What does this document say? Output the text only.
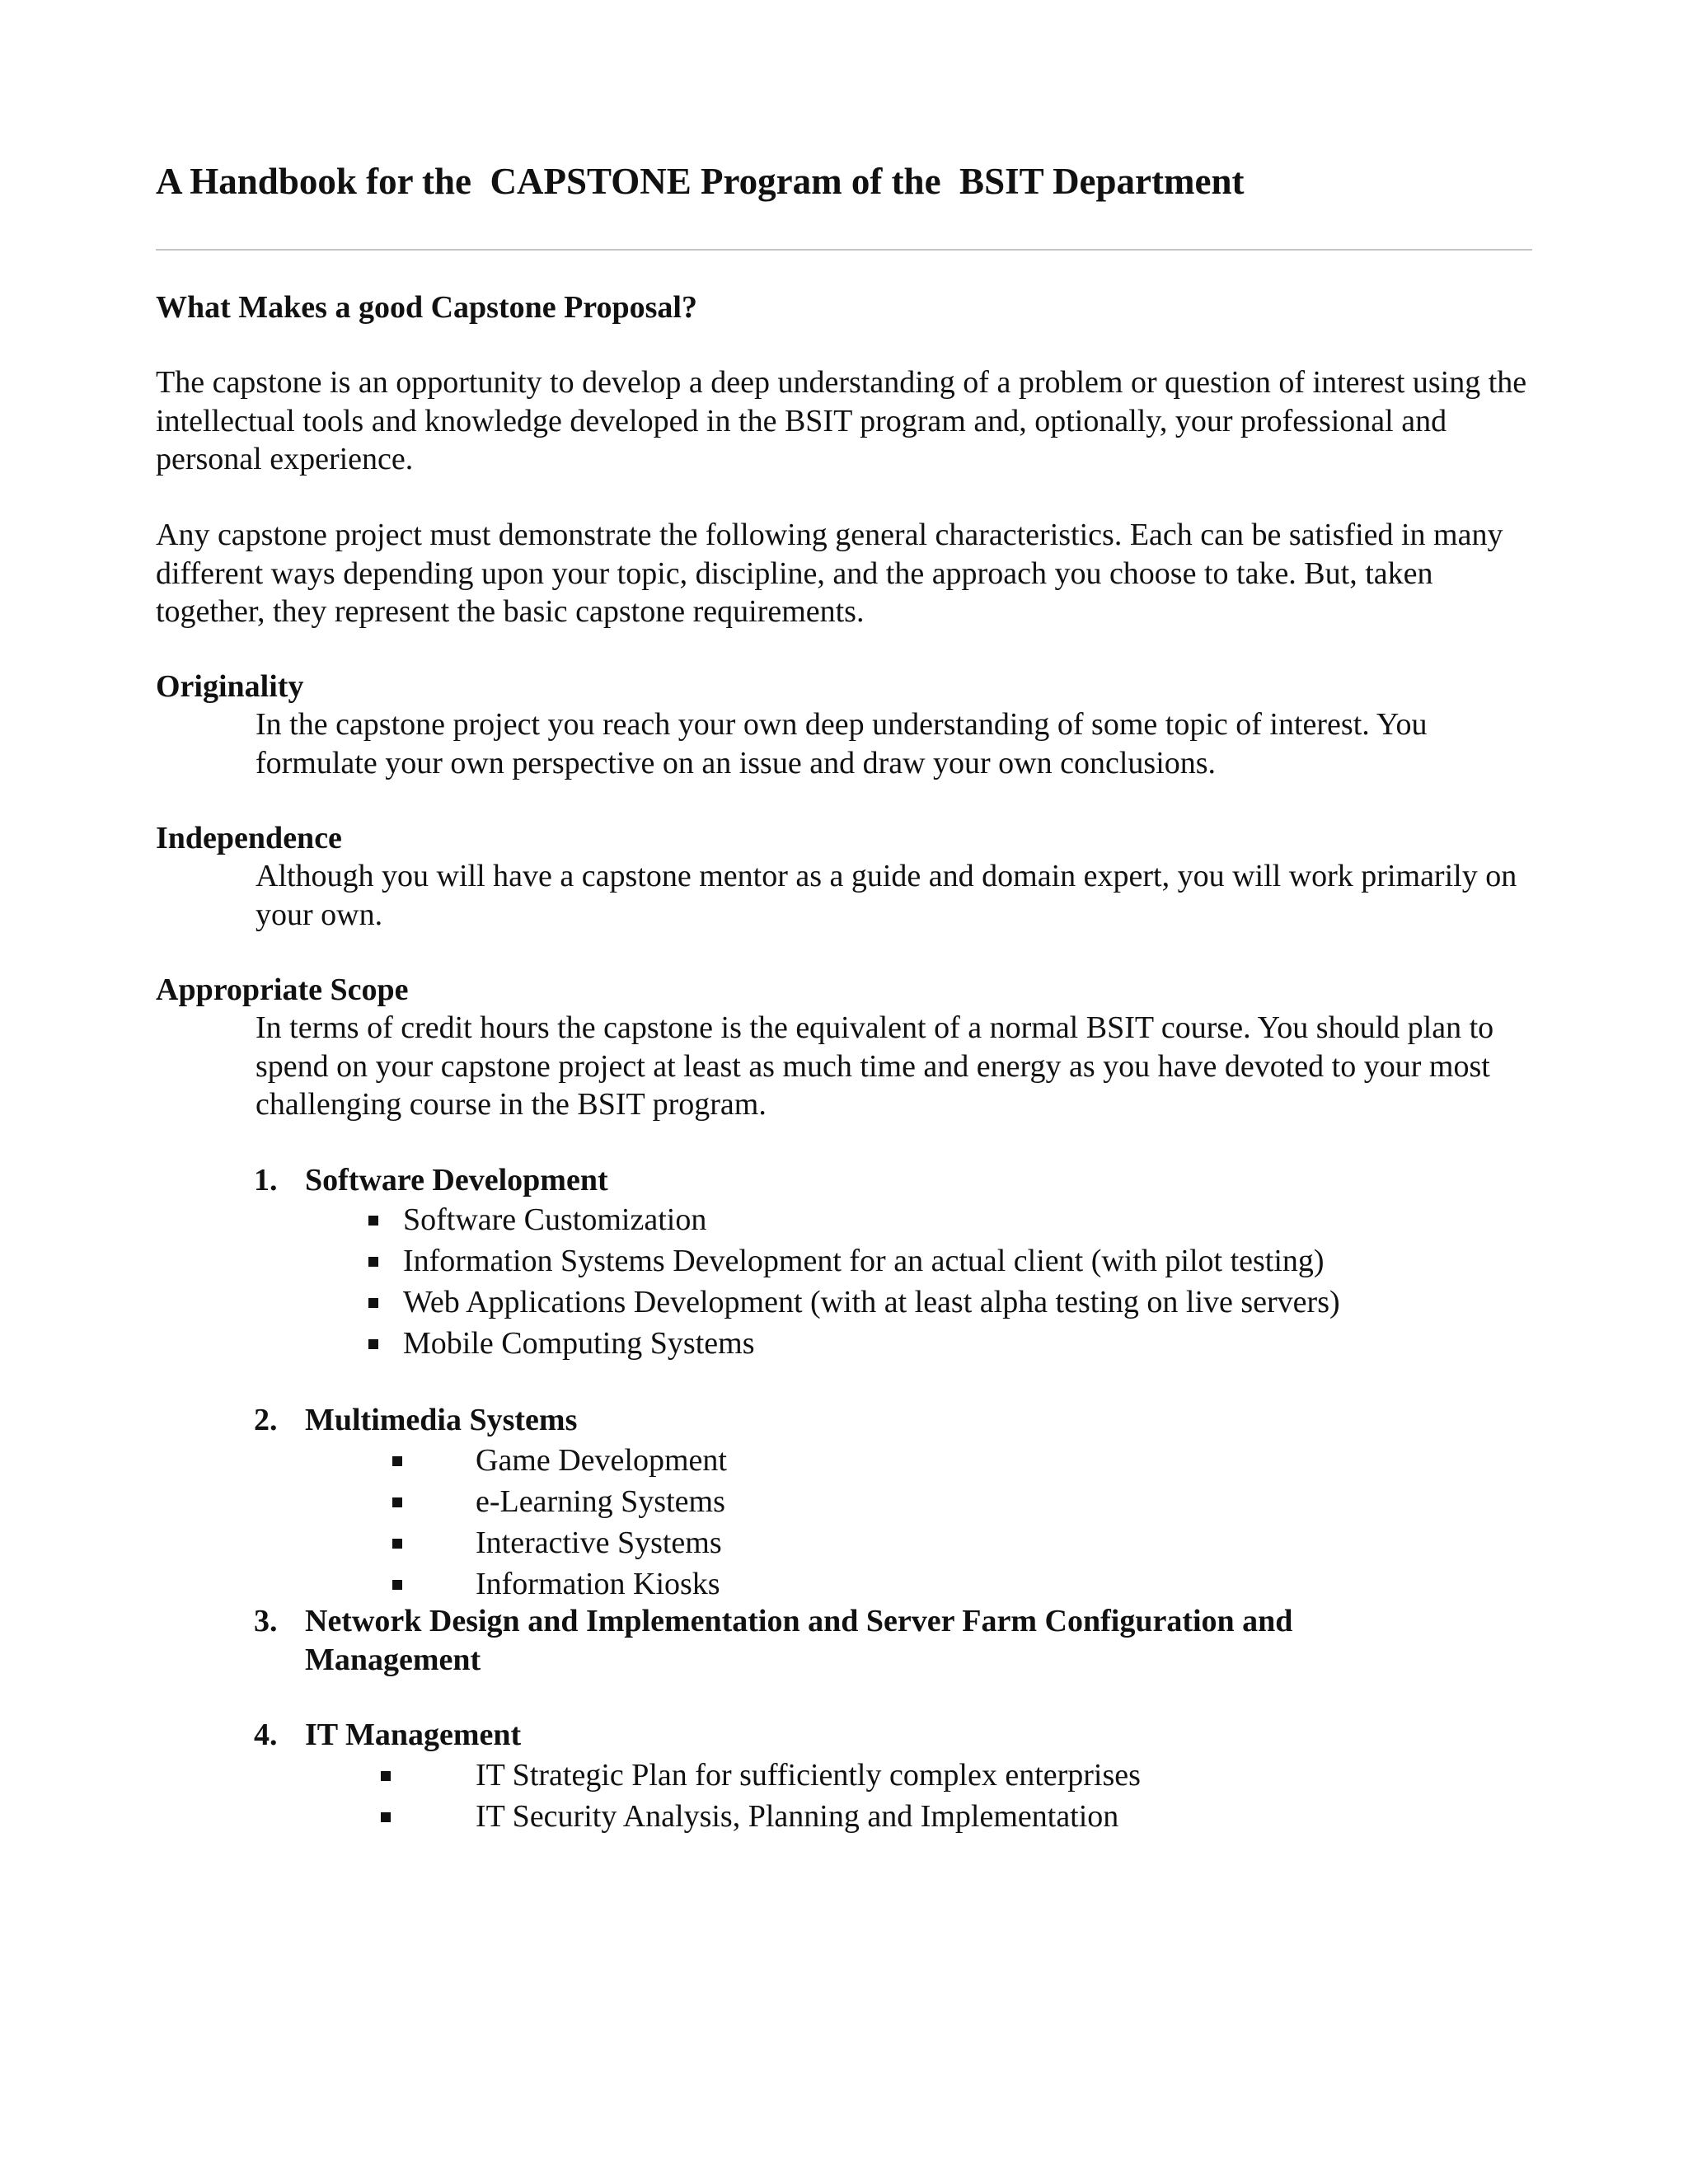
A Handbook for the  CAPSTONE Program of the  BSIT Department

What Makes a good Capstone Proposal?

The capstone is an opportunity to develop a deep understanding of a problem or question of interest using the intellectual tools and knowledge developed in the BSIT program and, optionally, your professional and personal experience.

Any capstone project must demonstrate the following general characteristics. Each can be satisfied in many different ways depending upon your topic, discipline, and the approach you choose to take. But, taken together, they represent the basic capstone requirements.

Originality

In the capstone project you reach your own deep understanding of some topic of interest. You formulate your own perspective on an issue and draw your own conclusions.

Independence

Although you will have a capstone mentor as a guide and domain expert, you will work primarily on your own.

Appropriate Scope

In terms of credit hours the capstone is the equivalent of a normal BSIT course. You should plan to spend on your capstone project at least as much time and energy as you have devoted to your most challenging course in the BSIT program.

1. Software Development
Software Customization
Information Systems Development for an actual client (with pilot testing)
Web Applications Development (with at least alpha testing on live servers)
Mobile Computing Systems
2. Multimedia Systems
Game Development
e-Learning Systems
Interactive Systems
Information Kiosks
3. Network Design and Implementation and Server Farm Configuration and Management
4. IT Management
IT Strategic Plan for sufficiently complex enterprises
IT Security Analysis, Planning and Implementation
